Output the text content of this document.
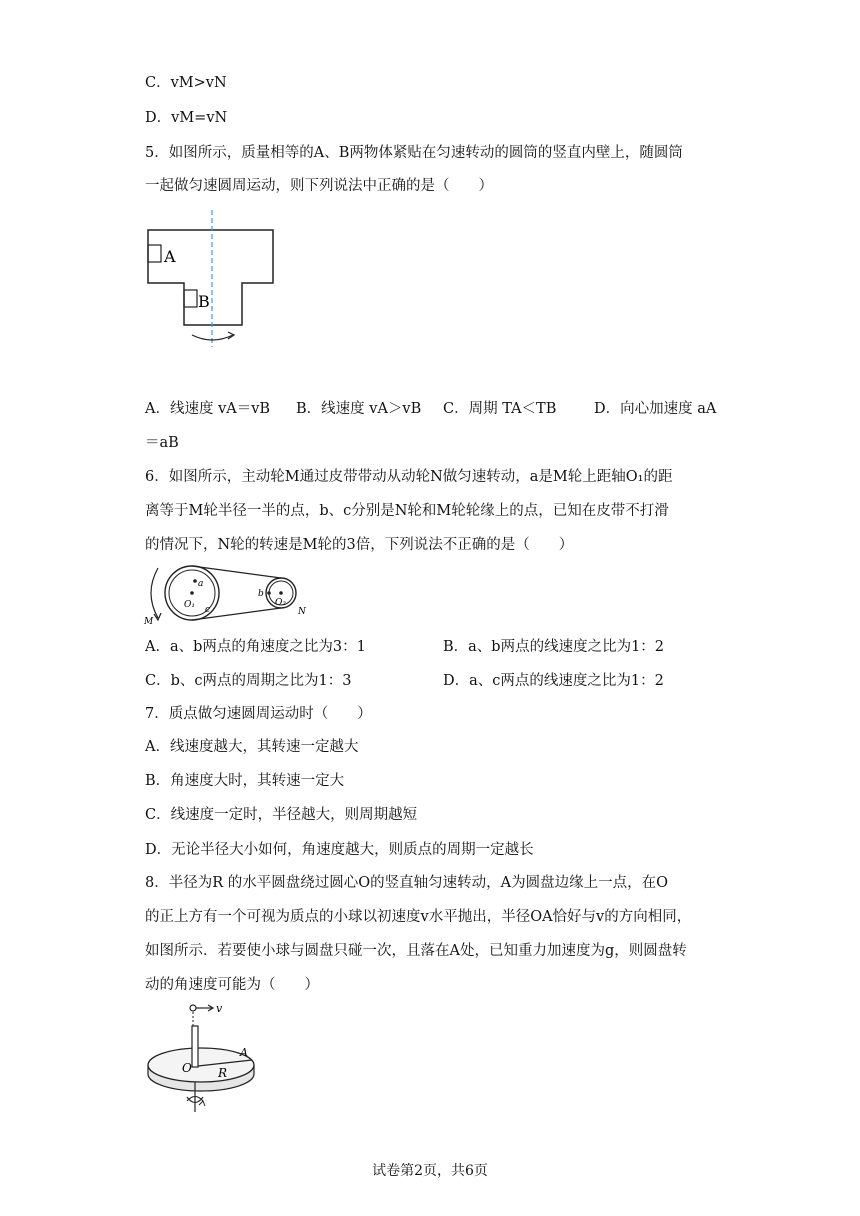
C．vM>vN
D．vM=vN
5．如图所示，质量相等的A、B两物体紧贴在匀速转动的圆筒的竖直内壁上，随圆筒
一起做匀速圆周运动，则下列说法中正确的是（　　）
A
B
A．线速度 vA＝vB B．线速度 vA＞vB C．周期 TA＜TB	D．向心加速度 aA
＝aB
6．如图所示，主动轮M通过皮带带动从动轮N做匀速转动，a是M轮上距轴O₁的距
离等于M轮半径一半的点，b、c分别是N轮和M轮轮缘上的点，已知在皮带不打滑
的情况下，N轮的转速是M轮的3倍，下列说法不正确的是（　　）
a
O₁ c
b
O₂
M
N
A．a、b两点的角速度之比为3：1	B．a、b两点的线速度之比为1：2
C．b、c两点的周期之比为1：3	D．a、c两点的线速度之比为1：2
7．质点做匀速圆周运动时（　　）
A．线速度越大，其转速一定越大
B．角速度大时，其转速一定大
C．线速度一定时，半径越大，则周期越短
D．无论半径大小如何，角速度越大，则质点的周期一定越长
8．半径为R 的水平圆盘绕过圆心O的竖直轴匀速转动，A为圆盘边缘上一点，在O
的正上方有一个可视为质点的小球以初速度v水平抛出，半径OA恰好与v的方向相同，
如图所示．若要使小球与圆盘只碰一次，且落在A处，已知重力加速度为g，则圆盘转
动的角速度可能为（　　）
v
O R
A
试卷第2页，共6页
